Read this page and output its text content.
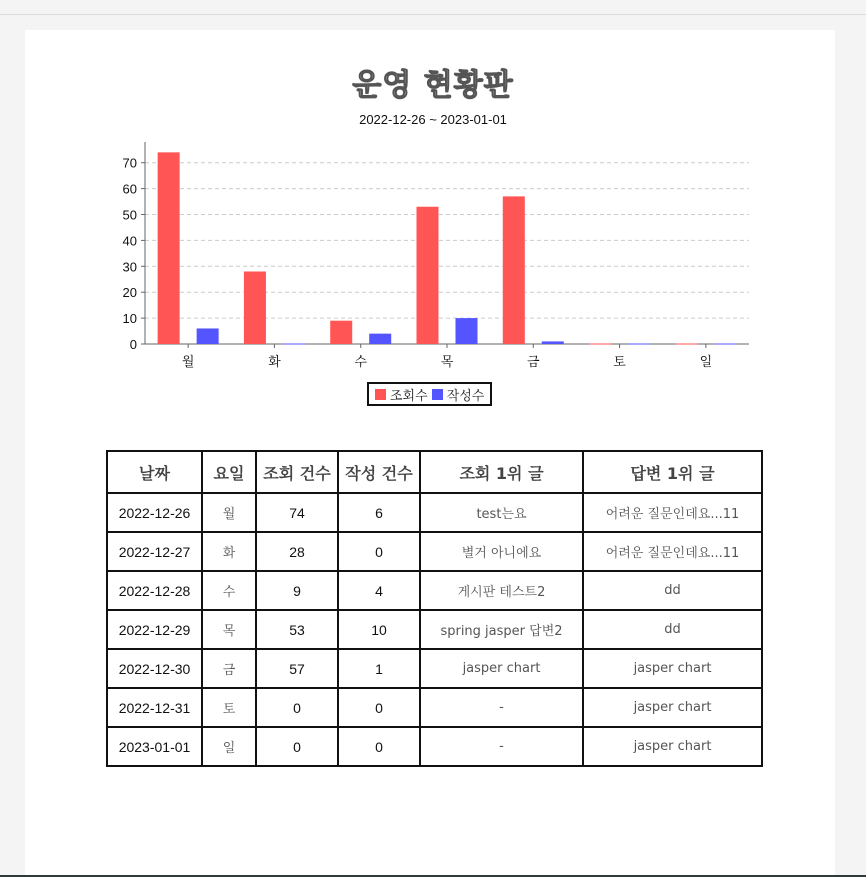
운영 현황판
2022-12-26 ~ 2023-01-01
0
10
20
30
40
50
60
70
월	화	수	목	금	토	일
조회수 작성수
날짜	요일	조회 건수	작성 건수	조회 1위 글	답변 1위 글
2022-12-26	월	74	6	test는요	어려운 질문인데요...11
2022-12-27	화	28	0	별거 아니에요	어려운 질문인데요...11
2022-12-28	수	9	4	게시판 테스트2	dd
2022-12-29	목	53	10	spring jasper 답변2	dd
2022-12-30	금	57	1	jasper chart	jasper chart
2022-12-31	토	0	0	-	jasper chart
2023-01-01	일	0	0	-	jasper chart
